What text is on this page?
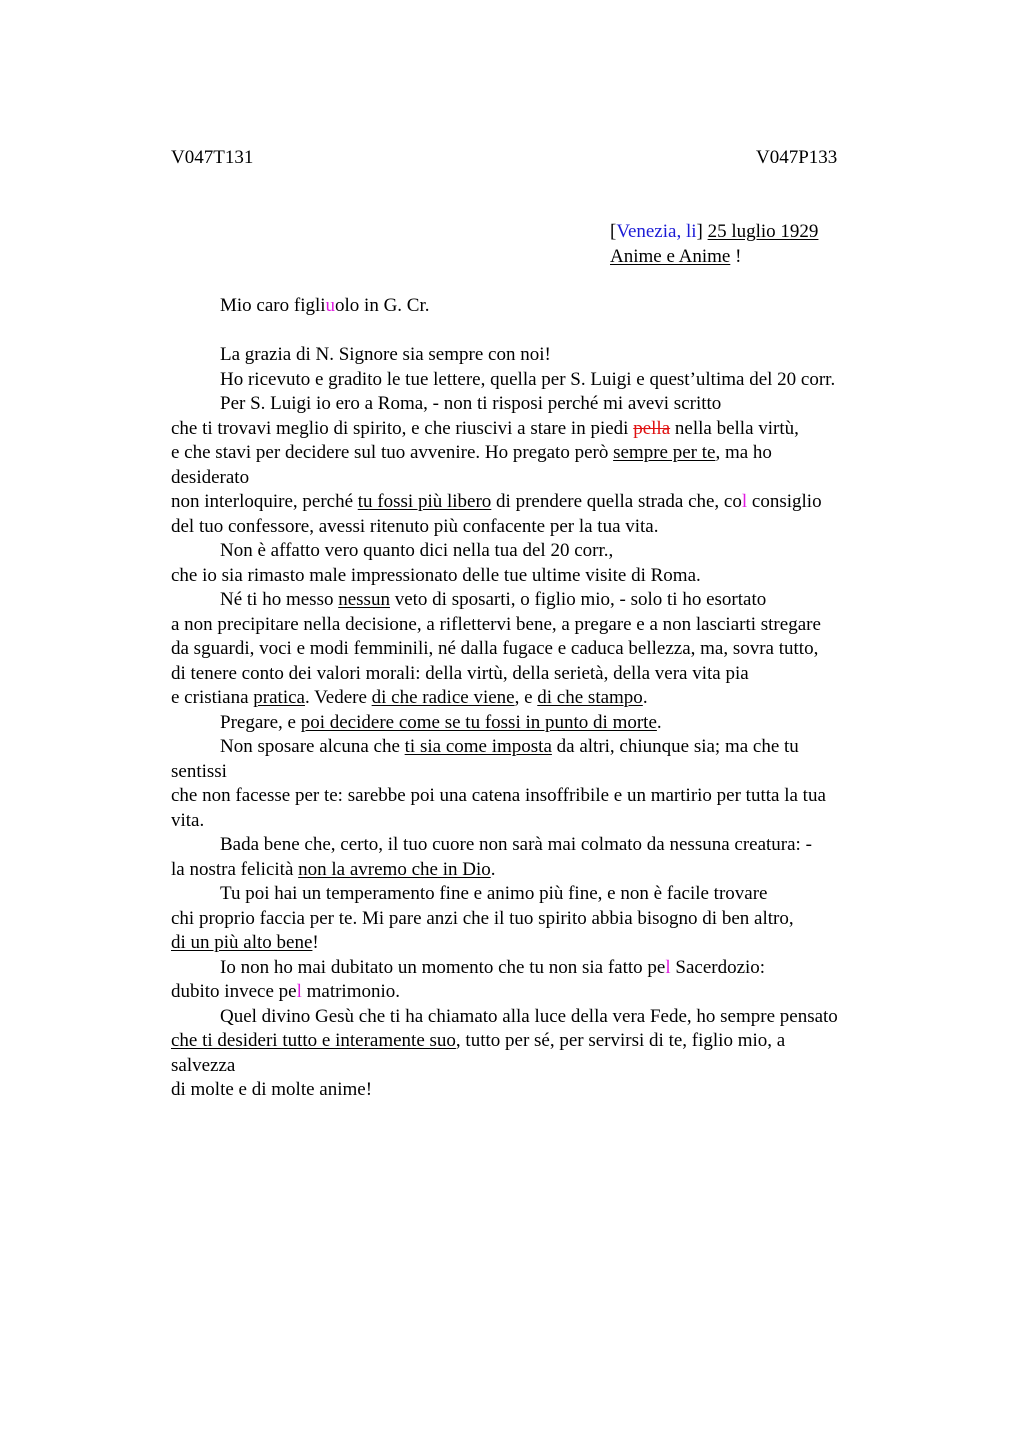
V047T131	V047P133
[Venezia, li] 25 luglio 1929
Anime e Anime !
Mio caro figliuolo in G. Cr.
La grazia di N. Signore sia sempre con noi!
Ho ricevuto e gradito le tue lettere, quella per S. Luigi e quest’ultima del 20 corr.
Per S. Luigi io ero a Roma, - non ti risposi perché mi avevi scritto
che ti trovavi meglio di spirito, e che riuscivi a stare in piedi pella nella bella virtù,
e che stavi per decidere sul tuo avvenire. Ho pregato però sempre per te, ma ho
desiderato
non interloquire, perché tu fossi più libero di prendere quella strada che, col consiglio
del tuo confessore, avessi ritenuto più confacente per la tua vita.
Non è affatto vero quanto dici nella tua del 20 corr.,
che io sia rimasto male impressionato delle tue ultime visite di Roma.
Né ti ho messo nessun veto di sposarti, o figlio mio, - solo ti ho esortato
a non precipitare nella decisione, a riflettervi bene, a pregare e a non lasciarti stregare
da sguardi, voci e modi femminili, né dalla fugace e caduca bellezza, ma, sovra tutto,
di tenere conto dei valori morali: della virtù, della serietà, della vera vita pia
e cristiana pratica. Vedere di che radice viene, e di che stampo.
Pregare, e poi decidere come se tu fossi in punto di morte.
Non sposare alcuna che ti sia come imposta da altri, chiunque sia; ma che tu
sentissi
che non facesse per te: sarebbe poi una catena insoffribile e un martirio per tutta la tua
vita.
Bada bene che, certo, il tuo cuore non sarà mai colmato da nessuna creatura: -
la nostra felicità non la avremo che in Dio.
Tu poi hai un temperamento fine e animo più fine, e non è facile trovare
chi proprio faccia per te. Mi pare anzi che il tuo spirito abbia bisogno di ben altro,
di un più alto bene!
Io non ho mai dubitato un momento che tu non sia fatto pel Sacerdozio:
dubito invece pel matrimonio.
Quel divino Gesù che ti ha chiamato alla luce della vera Fede, ho sempre pensato
che ti desideri tutto e interamente suo, tutto per sé, per servirsi di te, figlio mio, a
salvezza
di molte e di molte anime!
